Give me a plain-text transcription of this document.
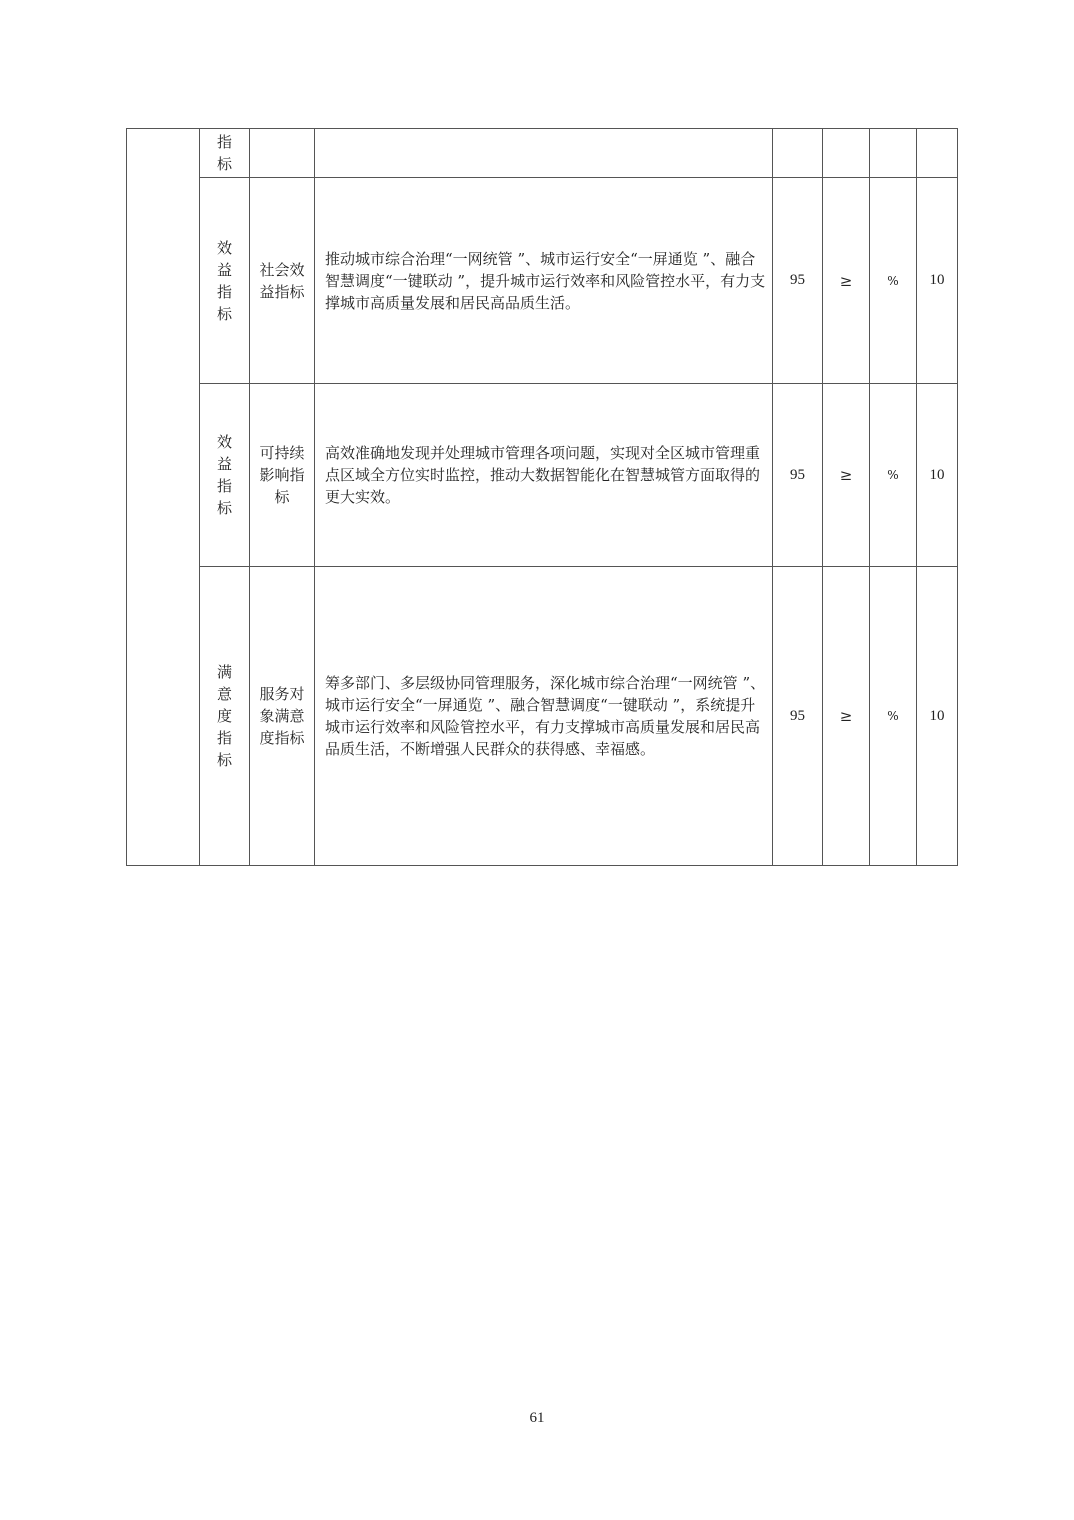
	指
标						

	效
益
指
标	社会效益指标	推动城市综合治理“一网统管 ”、城市运行安全“一屏通览 ”、融合智慧调度“一键联动 ”，提升城市运行效率和风险管控水平，有力支撑城市高质量发展和居民高品质生活。	95	≥	%	10

	效
益
指
标	可持续影响指标	高效准确地发现并处理城市管理各项问题，实现对全区城市管理重点区域全方位实时监控，推动大数据智能化在智慧城管方面取得的更大实效。	95	≥	%	10

	满
意
度
指
标	服务对象满意度指标	筹多部门、多层级协同管理服务，深化城市综合治理“一网统管 ”、城市运行安全“一屏通览 ”、融合智慧调度“一键联动 ”，系统提升城市运行效率和风险管控水平，有力支撑城市高质量发展和居民高品质生活，不断增强人民群众的获得感、幸福感。	95	≥	%	10
61
